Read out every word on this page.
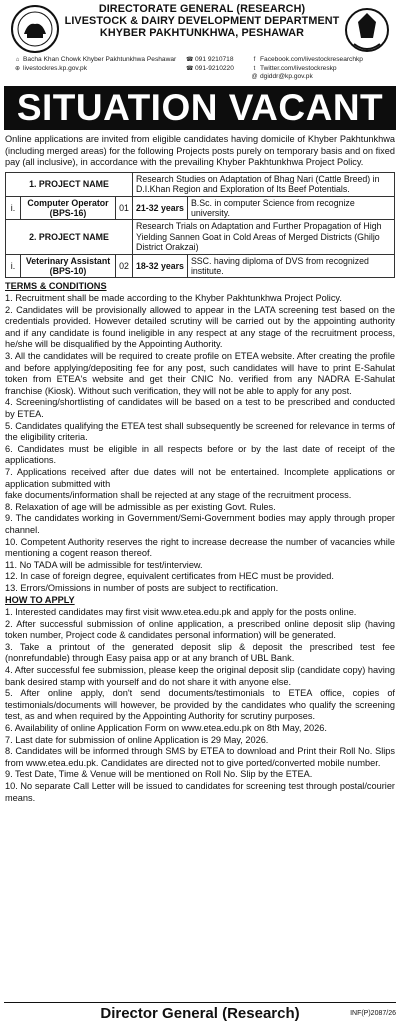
DIRECTORATE GENERAL (RESEARCH)
LIVESTOCK & DAIRY DEVELOPMENT DEPARTMENT
KHYBER PAKHTUNKHWA, PESHAWAR
⌂ Bacha Khan Chowk Khyber Pakhtunkhwa Peshawar
⊕ livestockres.kp.gov.pk
☎ 091 9210718
☎ 091-9210220
f Facebook.com/livestockresearchkp
t Twitter.com/livestockreskp
@ dgiddr@kp.gov.pk
SITUATION VACANT

Online applications are invited from eligible candidates having domicile of Khyber Pakhtunkhwa (including merged areas) for the following Projects posts purely on temporary basis and on fixed pay (all inclusive), in accordance with the prevailing Khyber Pakhtunkhwa Project Policy.

1. PROJECT NAME			Research Studies on Adaptation of Bhag Nari (Cattle Breed) in D.I.Khan Region and Exploration of Its Beef Potentials.	
i.	Computer Operator
(BPS-16)	01	21-32 years	B.Sc. in computer Science from recognize university.
2. PROJECT NAME			Research Trials on Adaptation and Further Propagation of High Yielding Sannen Goat in Cold Areas of Merged Districts (Ghiljo District Orakzai)	
i.	Veterinary Assistant
(BPS-10)	02	18-32 years	SSC. having diploma of DVS from recognized institute.
TERMS & CONDITIONS

1. Recruitment shall be made according to the Khyber Pakhtunkhwa Project Policy.

2. Candidates will be provisionally allowed to appear in the LATA screening test based on the credentials provided. However detailed scrutiny will be carried out by the appointing authority and if any candidate is found ineligible in any respect at any stage of the recruitment process, he/she will be disqualified by the Appointing Authority.

3. All the candidates will be required to create profile on ETEA website. After creating the profile and before applying/depositing fee for any post, such candidates will have to print E-Sahulat token from ETEA's website and get their CNIC No. verified from any NADRA E-Sahulat franchise (Kiosk). Without such verification, they will not be able to apply for any post.

4. Screening/shortlisting of candidates will be based on a test to be prescribed and conducted by ETEA.

5. Candidates qualifying the ETEA test shall subsequently be screened for relevance in terms of the eligibility criteria.

6. Candidates must be eligible in all respects before or by the last date of receipt of the applications.

7. Applications received after due dates will not be entertained. Incomplete applications or application submitted with

fake documents/information shall be rejected at any stage of the recruitment process.

8. Relaxation of age will be admissible as per existing Govt. Rules.

9. The candidates working in Government/Semi-Government bodies may apply through proper channel.

10. Competent Authority reserves the right to increase decrease the number of vacancies while mentioning a cogent reason thereof.

11. No TADA will be admissible for test/interview.

12. In case of foreign degree, equivalent certificates from HEC must be provided.

13. Errors/Omissions in number of posts are subject to rectification.

HOW TO APPLY

1. Interested candidates may first visit www.etea.edu.pk and apply for the posts online.

2. After successful submission of online application, a prescribed online deposit slip (having token number, Project code & candidates personal information) will be generated.

3. Take a printout of the generated deposit slip & deposit the prescribed test fee (nonrefundable) through Easy paisa app or at any branch of UBL Bank.

4. After successful fee submission, please keep the original deposit slip (candidate copy) having bank desired stamp with yourself and do not share it with anyone else.

5. After online apply, don't send documents/testimonials to ETEA office, copies of testimonials/documents will however, be provided by the candidates who qualify the screening test, as and when required by the Appointing Authority for scrutiny purposes.

6. Availability of online Application Form on www.etea.edu.pk on 8th May, 2026.

7. Last date for submission of online Application is 29 May, 2026.

8. Candidates will be informed through SMS by ETEA to download and Print their Roll No. Slips from www.etea.edu.pk. Candidates are directed not to give ported/converted mobile number.

9. Test Date, Time & Venue will be mentioned on Roll No. Slip by the ETEA.

10. No separate Call Letter will be issued to candidates for screening test through postal/courier means.

Director General (Research)	INF(P)2087/26
